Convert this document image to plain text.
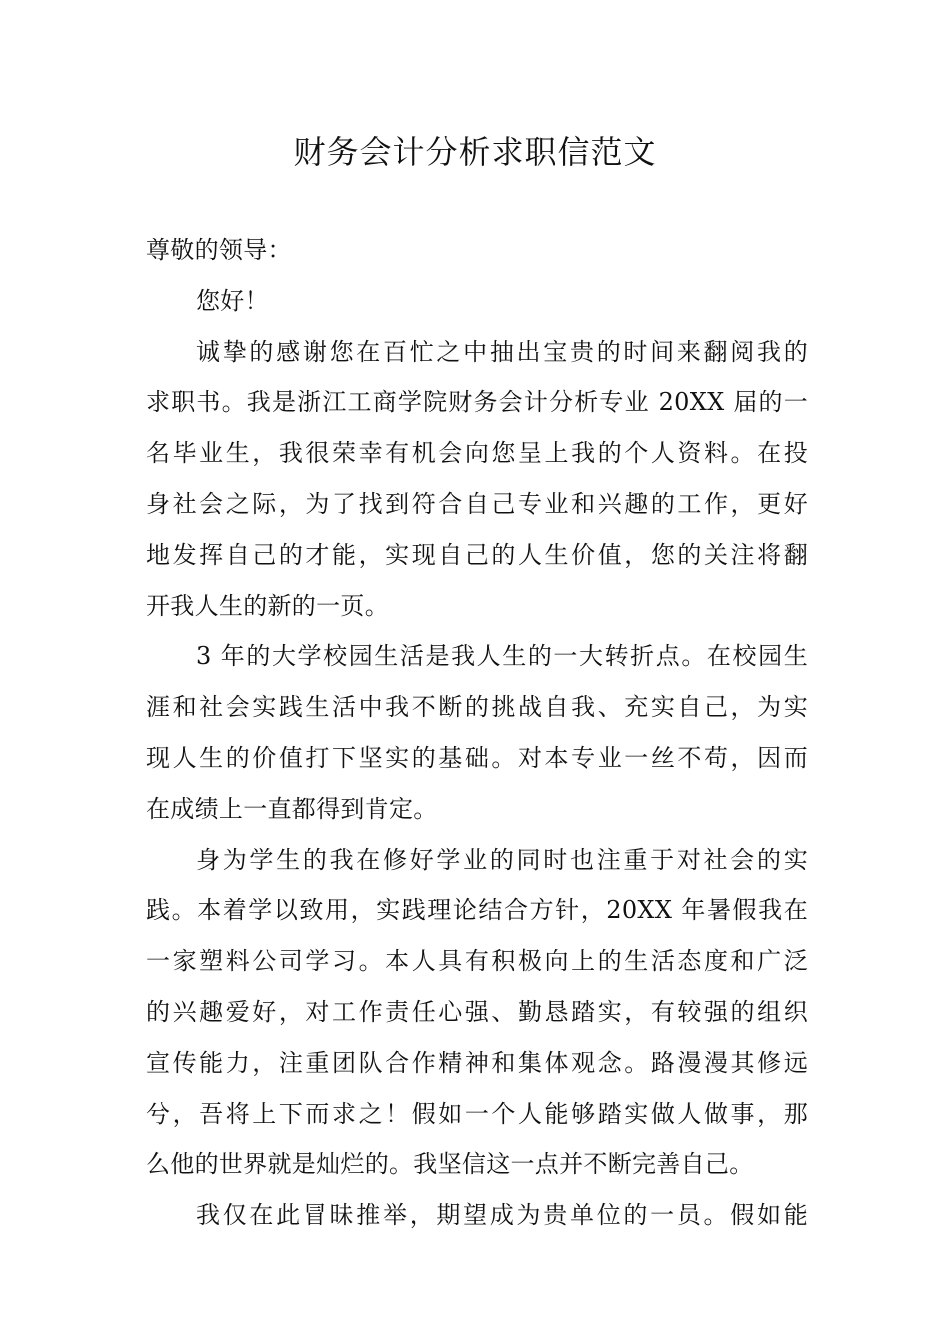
财务会计分析求职信范文
尊敬的领导：
您好！
诚挚的感谢您在百忙之中抽出宝贵的时间来翻阅我的
求职书。我是浙江工商学院财务会计分析专业 20XX 届的一
名毕业生，我很荣幸有机会向您呈上我的个人资料。在投
身社会之际，为了找到符合自己专业和兴趣的工作，更好
地发挥自己的才能，实现自己的人生价值，您的关注将翻
开我人生的新的一页。
3 年的大学校园生活是我人生的一大转折点。在校园生
涯和社会实践生活中我不断的挑战自我、充实自己，为实
现人生的价值打下坚实的基础。对本专业一丝不苟，因而
在成绩上一直都得到肯定。
身为学生的我在修好学业的同时也注重于对社会的实
践。本着学以致用，实践理论结合方针，20XX 年暑假我在
一家塑料公司学习。本人具有积极向上的生活态度和广泛
的兴趣爱好，对工作责任心强、勤恳踏实，有较强的组织
宣传能力，注重团队合作精神和集体观念。路漫漫其修远
兮，吾将上下而求之！假如一个人能够踏实做人做事，那
么他的世界就是灿烂的。我坚信这一点并不断完善自己。
我仅在此冒昧推举，期望成为贵单位的一员。假如能
